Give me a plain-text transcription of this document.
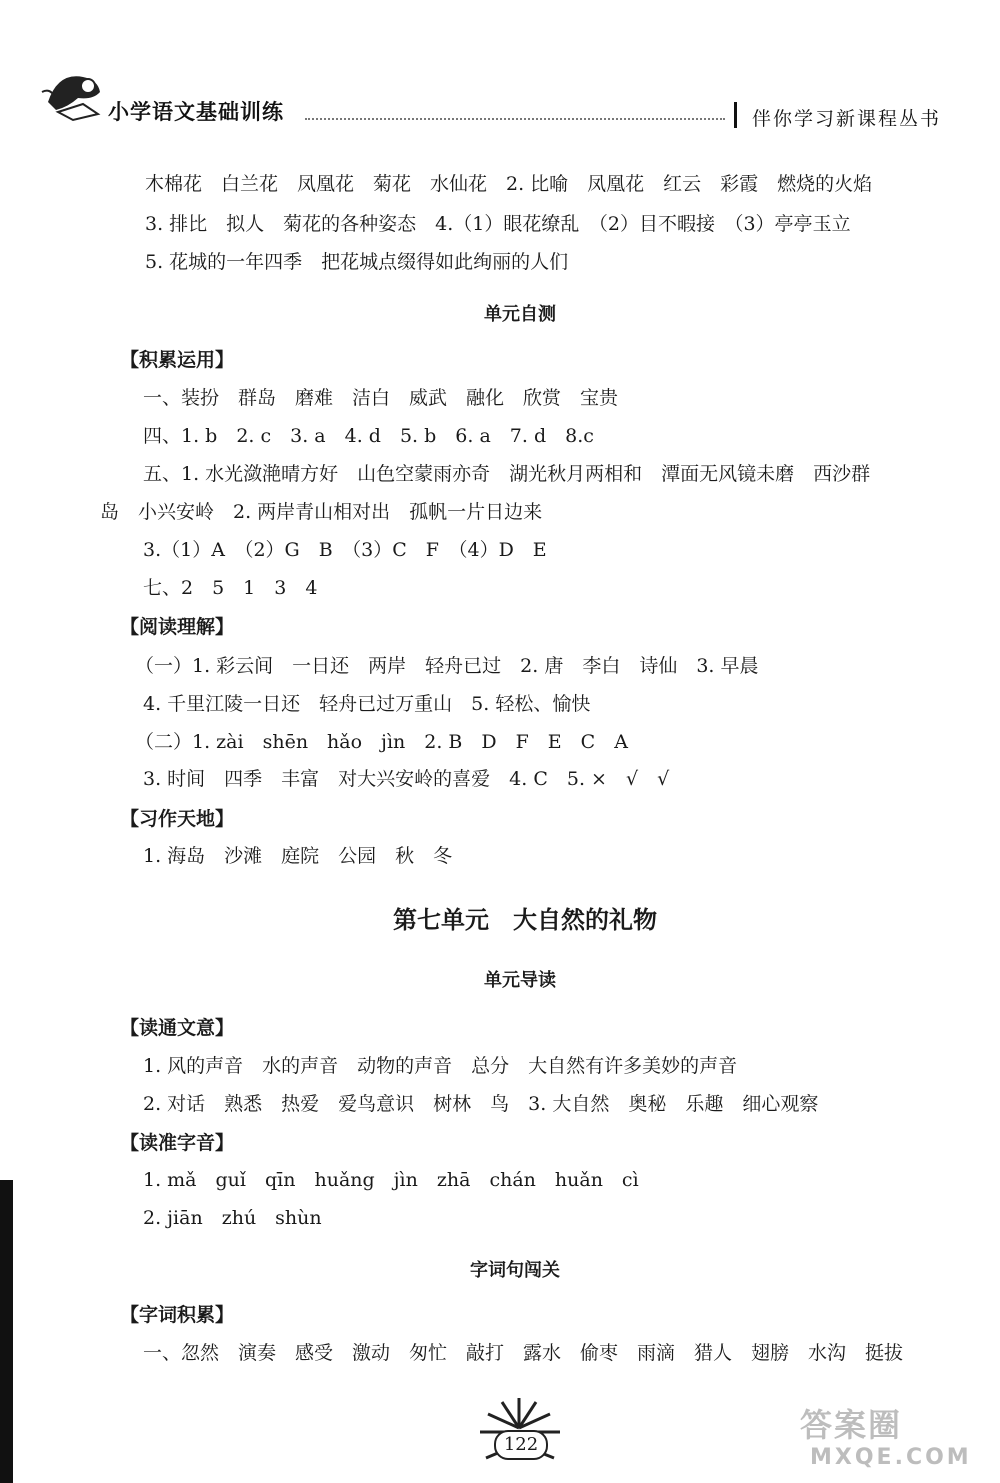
小学语文基础训练	伴你学习新课程丛书
木棉花　白兰花　凤凰花　菊花　水仙花　2. 比喻　凤凰花　红云　彩霞　燃烧的火焰
3. 排比　拟人　菊花的各种姿态　4.（1）眼花缭乱　（2）目不暇接　（3）亭亭玉立
5. 花城的一年四季　把花城点缀得如此绚丽的人们
单元自测
【积累运用】
一、装扮　群岛　磨难　洁白　威武　融化　欣赏　宝贵
四、1. b　2. c　3. a　4. d　5. b　6. a　7. d　8.c
五、1. 水光潋滟晴方好　山色空蒙雨亦奇　湖光秋月两相和　潭面无风镜未磨　西沙群
岛　小兴安岭　2. 两岸青山相对出　孤帆一片日边来
3.（1）A　（2）G　B　（3）C　F　（4）D　E
七、2　5　1　3　4
【阅读理解】
（一）1. 彩云间　一日还　两岸　轻舟已过　2. 唐　李白　诗仙　3. 早晨
4. 千里江陵一日还　轻舟已过万重山　5. 轻松、愉快
（二）1. zài　shēn　hǎo　jìn　2. B　D　F　E　C　A
3. 时间　四季　丰富　对大兴安岭的喜爱　4. C　5. ×　√　√
【习作天地】
1. 海岛　沙滩　庭院　公园　秋　冬
第七单元　大自然的礼物
单元导读
【读通文意】
1. 风的声音　水的声音　动物的声音　总分　大自然有许多美妙的声音
2. 对话　熟悉　热爱　爱鸟意识　树林　鸟　3. 大自然　奥秘　乐趣　细心观察
【读准字音】
1. mǎ　guǐ　qīn　huǎng　jìn　zhā　chán　huǎn　cì
2. jiān　zhú　shùn
字词句闯关
【字词积累】
一、忽然　演奏　感受　激动　匆忙　敲打　露水　偷枣　雨滴　猎人　翅膀　水沟　挺拔
122
答案圈
MXQE.COM
